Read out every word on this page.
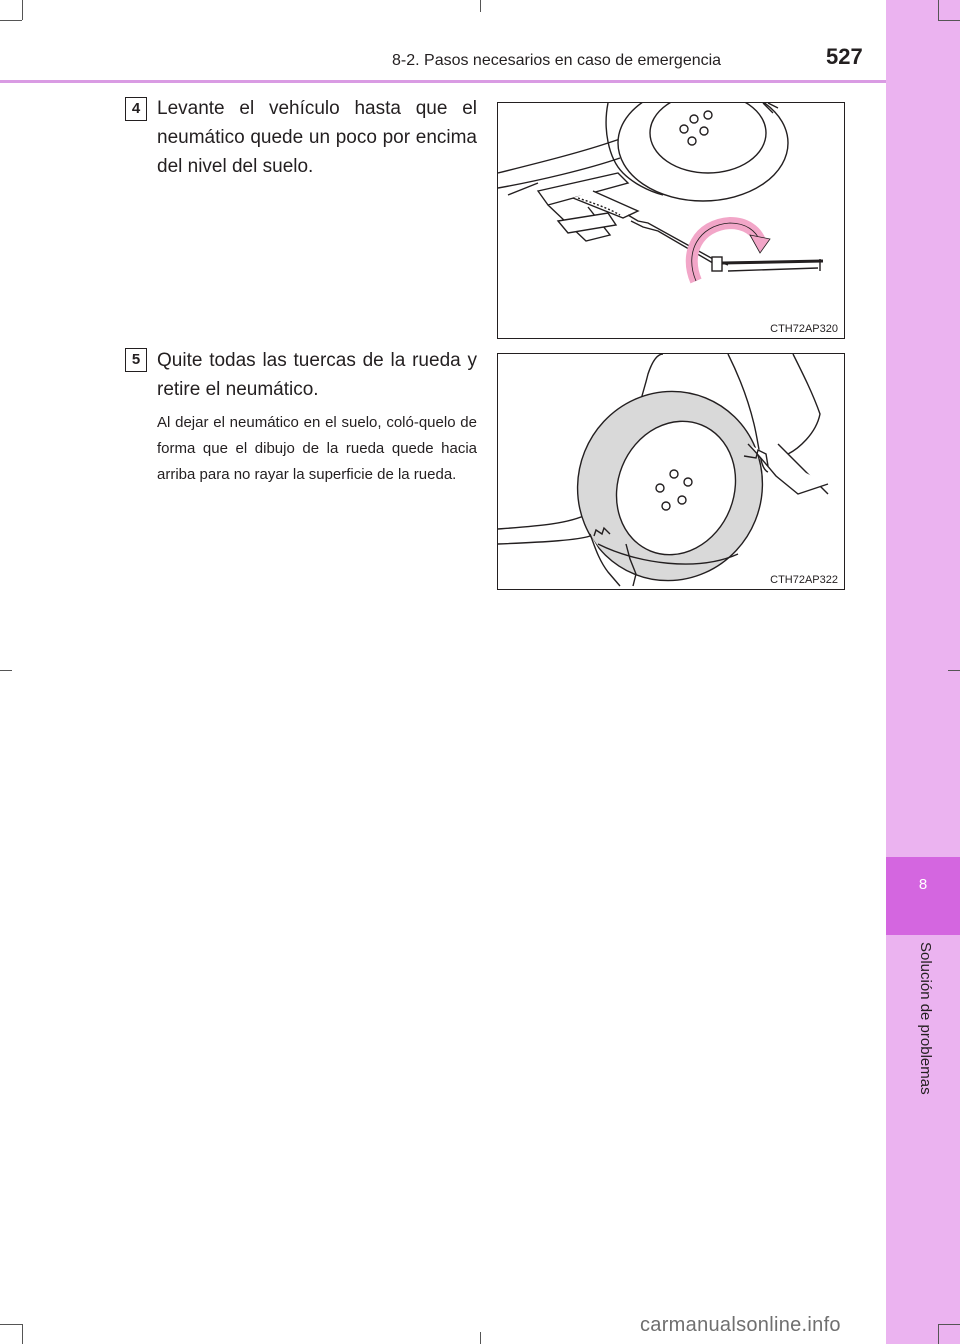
8
Solución de problemas
8-2. Pasos necesarios en caso de emergencia	527
4 Levante el vehículo hasta que el neumático quede un poco por encima del nivel del suelo.
CTH72AP320
5 Quite todas las tuercas de la rueda y retire el neumático.
Al dejar el neumático en el suelo, coló-quelo de forma que el dibujo de la rueda quede hacia arriba para no rayar la superficie de la rueda.
CTH72AP322
carmanualsonline.info
